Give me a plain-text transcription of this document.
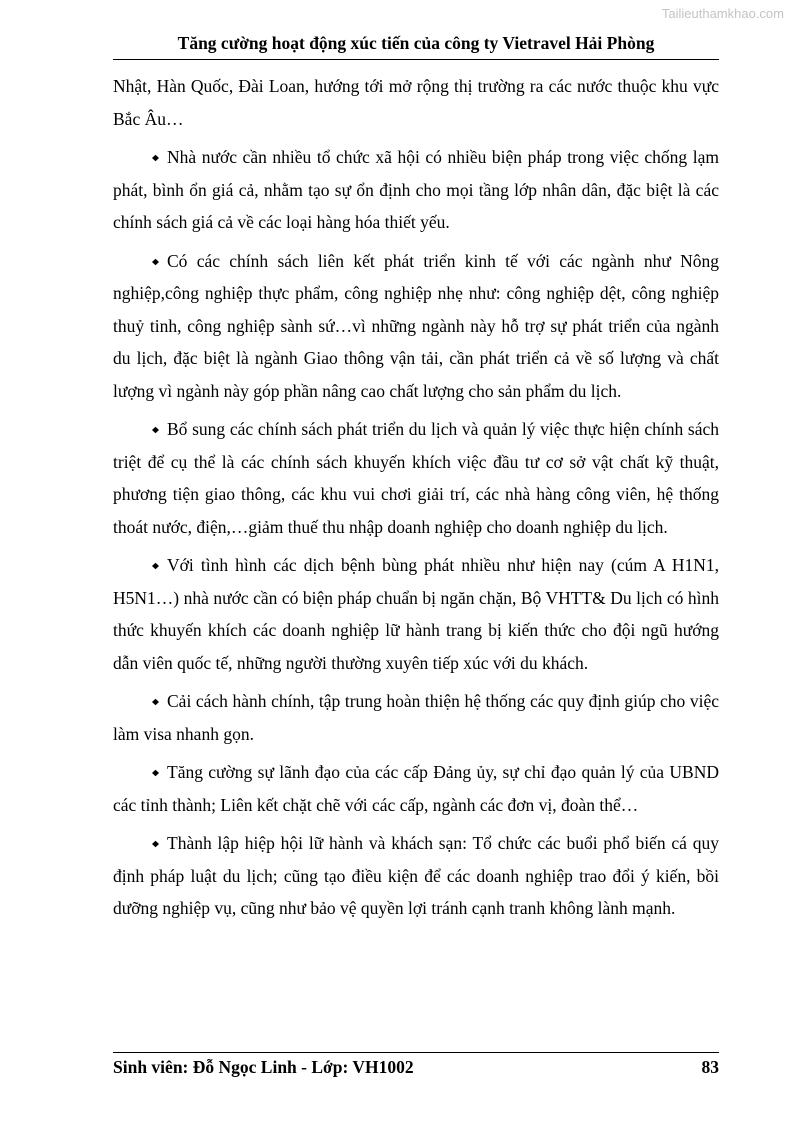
Tailieuthamkhao.com
Tăng cường hoạt động xúc tiến của công ty Vietravel Hải Phòng

Nhật, Hàn Quốc, Đài Loan, hướng tới mở rộng thị trường ra các nước thuộc khu vực Bắc Âu…

Nhà nước cần nhiều tổ chức xã hội có nhiều biện pháp trong việc chống lạm phát, bình ổn giá cả, nhằm tạo sự ổn định cho mọi tầng lớp nhân dân, đặc biệt là các chính sách giá cả về các loại hàng hóa thiết yếu.

Có các chính sách liên kết phát triển kinh tế với các ngành như Nông nghiệp,công nghiệp thực phẩm, công nghiệp nhẹ như: công nghiệp dệt, công nghiệp thuỷ tinh, công nghiệp sành sứ…vì những ngành này hỗ trợ sự phát triển của ngành du lịch, đặc biệt là ngành Giao thông vận tải, cần phát triển cả về số lượng và chất lượng vì ngành này góp phần nâng cao chất lượng cho sản phẩm du lịch.

Bổ sung các chính sách phát triển du lịch và quản lý việc thực hiện chính sách triệt để cụ thể là các chính sách khuyến khích việc đầu tư cơ sở vật chất kỹ thuật, phương tiện giao thông, các khu vui chơi giải trí, các nhà hàng công viên, hệ thống thoát nước, điện,…giảm thuế thu nhập doanh nghiệp cho doanh nghiệp du lịch.

Với tình hình các dịch bệnh bùng phát nhiều như hiện nay (cúm A H1N1, H5N1…) nhà nước cần có biện pháp chuẩn bị ngăn chặn, Bộ VHTT& Du lịch có hình thức khuyến khích các doanh nghiệp lữ hành trang bị kiến thức cho đội ngũ hướng dẫn viên quốc tế, những người thường xuyên tiếp xúc với du khách.

Cải cách hành chính, tập trung hoàn thiện hệ thống các quy định giúp cho việc làm visa nhanh gọn.

Tăng cường sự lãnh đạo của các cấp Đảng ủy, sự chỉ đạo quản lý của UBND các tỉnh thành; Liên kết chặt chẽ với các cấp, ngành các đơn vị, đoàn thể…

Thành lập hiệp hội lữ hành và khách sạn: Tổ chức các buổi phổ biến cá quy định pháp luật du lịch; cũng tạo điều kiện để các doanh nghiệp trao đổi ý kiến, bồi dưỡng nghiệp vụ, cũng như bảo vệ quyền lợi tránh cạnh tranh không lành mạnh.

Sinh viên: Đỗ Ngọc Linh - Lớp: VH1002	83
